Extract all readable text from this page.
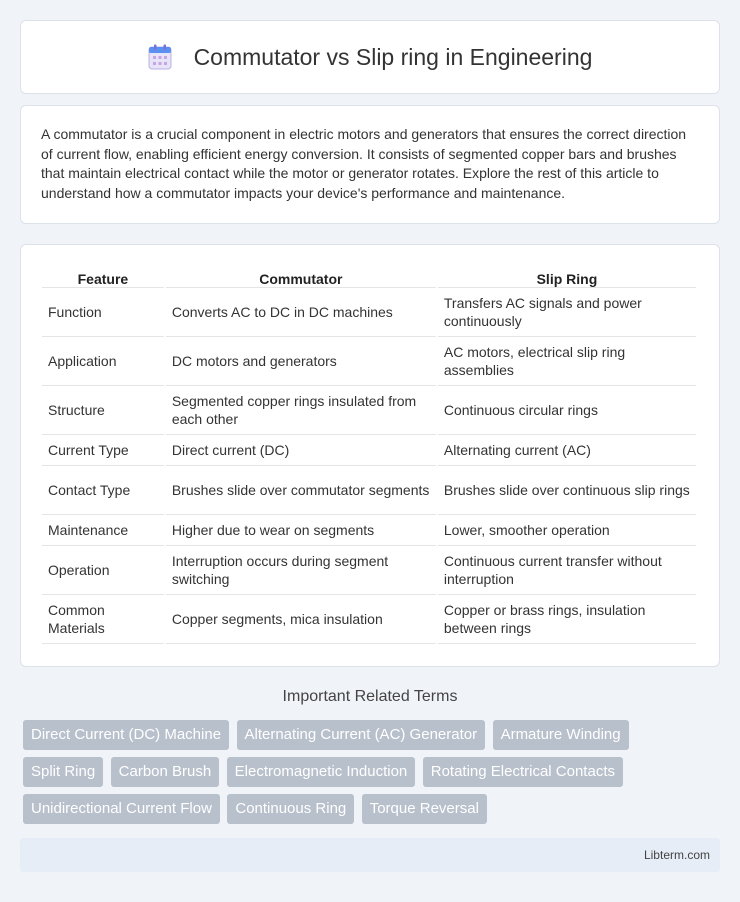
Commutator vs Slip ring in Engineering

A commutator is a crucial component in electric motors and generators that ensures the correct direction of current flow, enabling efficient energy conversion. It consists of segmented copper bars and brushes that maintain electrical contact while the motor or generator rotates. Explore the rest of this article to understand how a commutator impacts your device's performance and maintenance.

Feature	Commutator	Slip Ring
Function	Converts AC to DC in DC machines	Transfers AC signals and power continuously
Application	DC motors and generators	AC motors, electrical slip ring assemblies
Structure	Segmented copper rings insulated from each other	Continuous circular rings
Current Type	Direct current (DC)	Alternating current (AC)
Contact Type	Brushes slide over commutator segments	Brushes slide over continuous slip rings
Maintenance	Higher due to wear on segments	Lower, smoother operation
Operation	Interruption occurs during segment switching	Continuous current transfer without interruption
Common Materials	Copper segments, mica insulation	Copper or brass rings, insulation between rings
Important Related Terms
Direct Current (DC) Machine Alternating Current (AC) Generator Armature Winding Split Ring Carbon Brush Electromagnetic Induction Rotating Electrical Contacts Unidirectional Current Flow Continuous Ring Torque Reversal
Libterm.com
